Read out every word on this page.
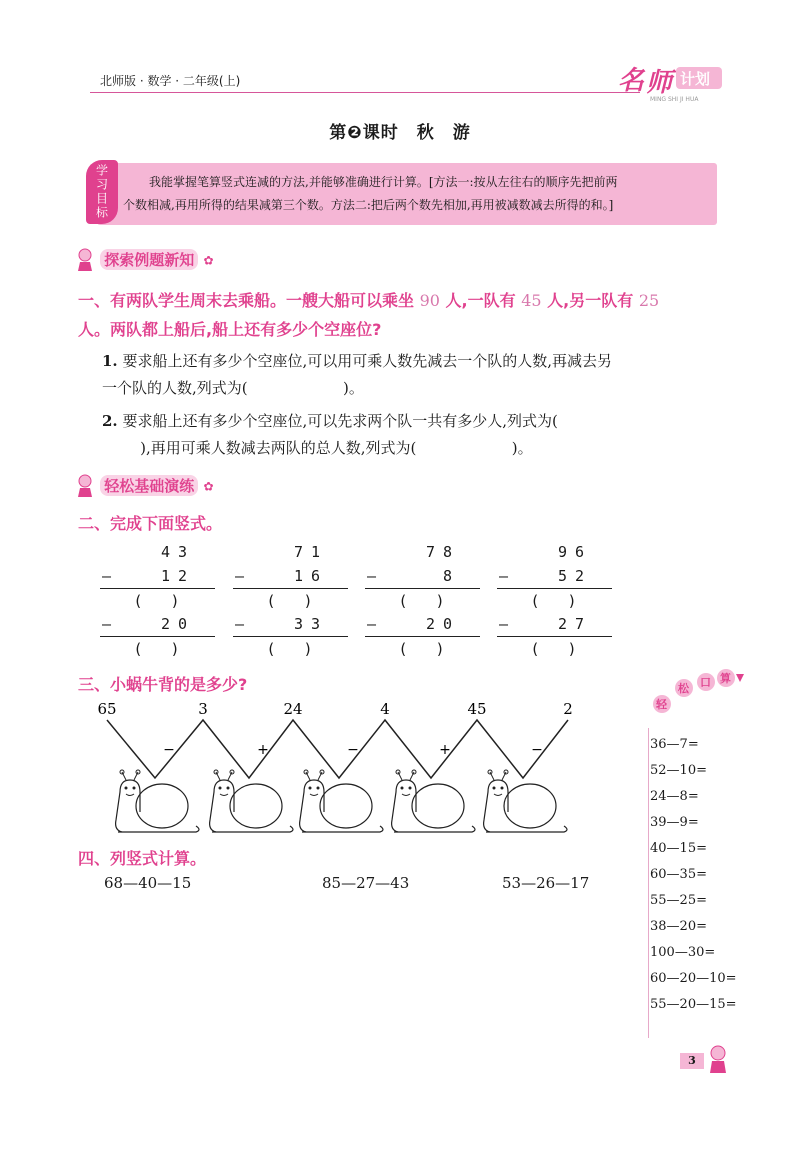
北师版 · 数学 · 二年级(上)	名 师 计划
MING SHI JI HUA
第❷课时　秋　游
我能掌握笔算竖式连减的方法,并能够准确进行计算。[方法一:按从左往右的顺序先把前两
个数相减,再用所得的结果减第三个数。方法二:把后两个数先相加,再用被减数减去所得的和。]
学习目标
探索例题新知 ✿
一、有两队学生周末去乘船。一艘大船可以乘坐 90 人,一队有 45 人,另一队有 25
人。两队都上船后,船上还有多少个空座位?
1. 要求船上还有多少个空座位,可以用可乘人数先减去一个队的人数,再减去另
一个队的人数,列式为(                    )。
2. 要求船上还有多少个空座位,可以先求两个队一共有多少人,列式为(
),再用可乘人数减去两队的总人数,列式为(                    )。
轻松基础演练 ✿
二、完成下面竖式。
43
—	12
()
—	20
()
71
—	16
()
—	33
()
78
—	8
()
—	20
()
96
—	52
()
—	27
()
三、小蜗牛背的是多少?
65	3	24	4	45	2
−	+	−	+	−
四、列竖式计算。
68—40—15	85—27—43	53—26—17
轻
松 口 算
36—7=
52—10=
24—8=
39—9=
40—15=
60—35=
55—25=
38—20=
100—30=
60—20—10=
55—20—15=
3
